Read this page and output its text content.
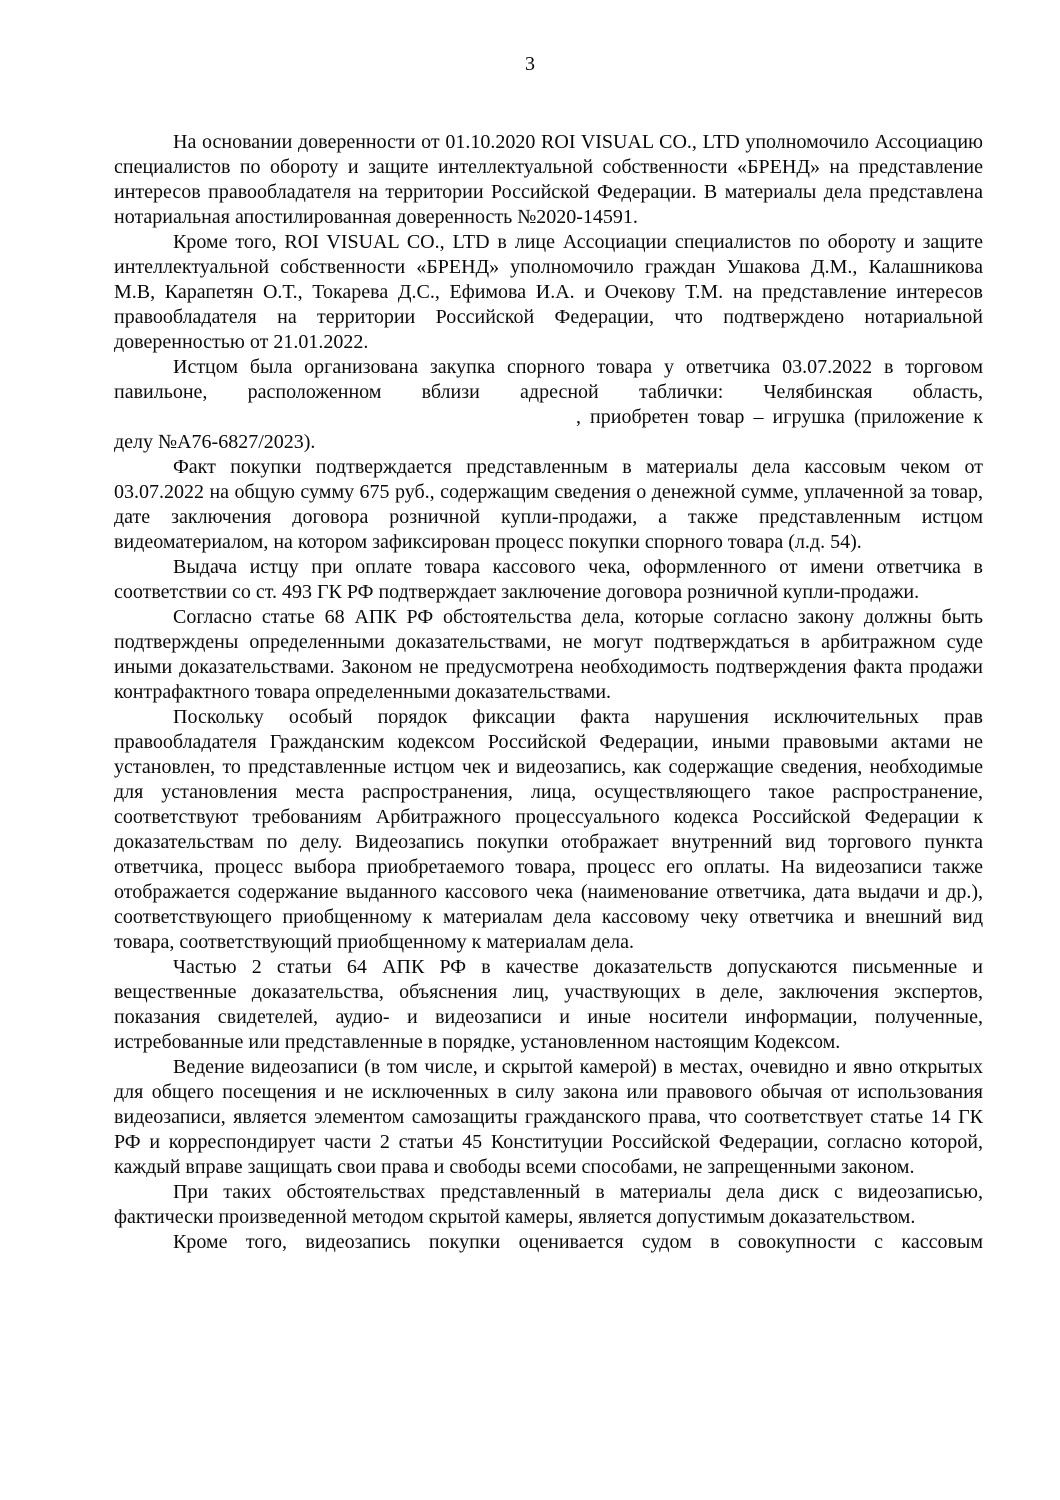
3

На основании доверенности от 01.10.2020 ROI VISUAL CO., LTD уполномочило Ассоциацию специалистов по обороту и защите интеллектуальной собственности «БРЕНД» на представление интересов правообладателя на территории Российской Федерации. В материалы дела представлена нотариальная апостилированная доверенность №2020-14591.

Кроме того, ROI VISUAL CO., LTD в лице Ассоциации специалистов по обороту и защите интеллектуальной собственности «БРЕНД» уполномочило граждан Ушакова Д.М., Калашникова М.В, Карапетян О.Т., Токарева Д.С., Ефимова И.А. и Очекову Т.М. на представление интересов правообладателя на территории Российской Федерации, что подтверждено нотариальной доверенностью от 21.01.2022.

Истцом была организована закупка спорного товара у ответчика 03.07.2022 в торговом павильоне, расположенном вблизи адресной таблички: Челябинская область, , приобретен товар – игрушка (приложение к делу №А76-6827/2023).

Факт покупки подтверждается представленным в материалы дела кассовым чеком от 03.07.2022 на общую сумму 675 руб., содержащим сведения о денежной сумме, уплаченной за товар, дате заключения договора розничной купли-продажи, а также представленным истцом видеоматериалом, на котором зафиксирован процесс покупки спорного товара (л.д. 54).

Выдача истцу при оплате товара кассового чека, оформленного от имени ответчика в соответствии со ст. 493 ГК РФ подтверждает заключение договора розничной купли-продажи.

Согласно статье 68 АПК РФ обстоятельства дела, которые согласно закону должны быть подтверждены определенными доказательствами, не могут подтверждаться в арбитражном суде иными доказательствами. Законом не предусмотрена необходимость подтверждения факта продажи контрафактного товара определенными доказательствами.

Поскольку особый порядок фиксации факта нарушения исключительных прав правообладателя Гражданским кодексом Российской Федерации, иными правовыми актами не установлен, то представленные истцом чек и видеозапись, как содержащие сведения, необходимые для установления места распространения, лица, осуществляющего такое распространение, соответствуют требованиям Арбитражного процессуального кодекса Российской Федерации к доказательствам по делу. Видеозапись покупки отображает внутренний вид торгового пункта ответчика, процесс выбора приобретаемого товара, процесс его оплаты. На видеозаписи также отображается содержание выданного кассового чека (наименование ответчика, дата выдачи и др.), соответствующего приобщенному к материалам дела кассовому чеку ответчика и внешний вид товара, соответствующий приобщенному к материалам дела.

Частью 2 статьи 64 АПК РФ в качестве доказательств допускаются письменные и вещественные доказательства, объяснения лиц, участвующих в деле, заключения экспертов, показания свидетелей, аудио- и видеозаписи и иные носители информации, полученные, истребованные или представленные в порядке, установленном настоящим Кодексом.

Ведение видеозаписи (в том числе, и скрытой камерой) в местах, очевидно и явно открытых для общего посещения и не исключенных в силу закона или правового обычая от использования видеозаписи, является элементом самозащиты гражданского права, что соответствует статье 14 ГК РФ и корреспондирует части 2 статьи 45 Конституции Российской Федерации, согласно которой, каждый вправе защищать свои права и свободы всеми способами, не запрещенными законом.

При таких обстоятельствах представленный в материалы дела диск с видеозаписью, фактически произведенной методом скрытой камеры, является допустимым доказательством.

Кроме того, видеозапись покупки оценивается судом в совокупности с кассовым
